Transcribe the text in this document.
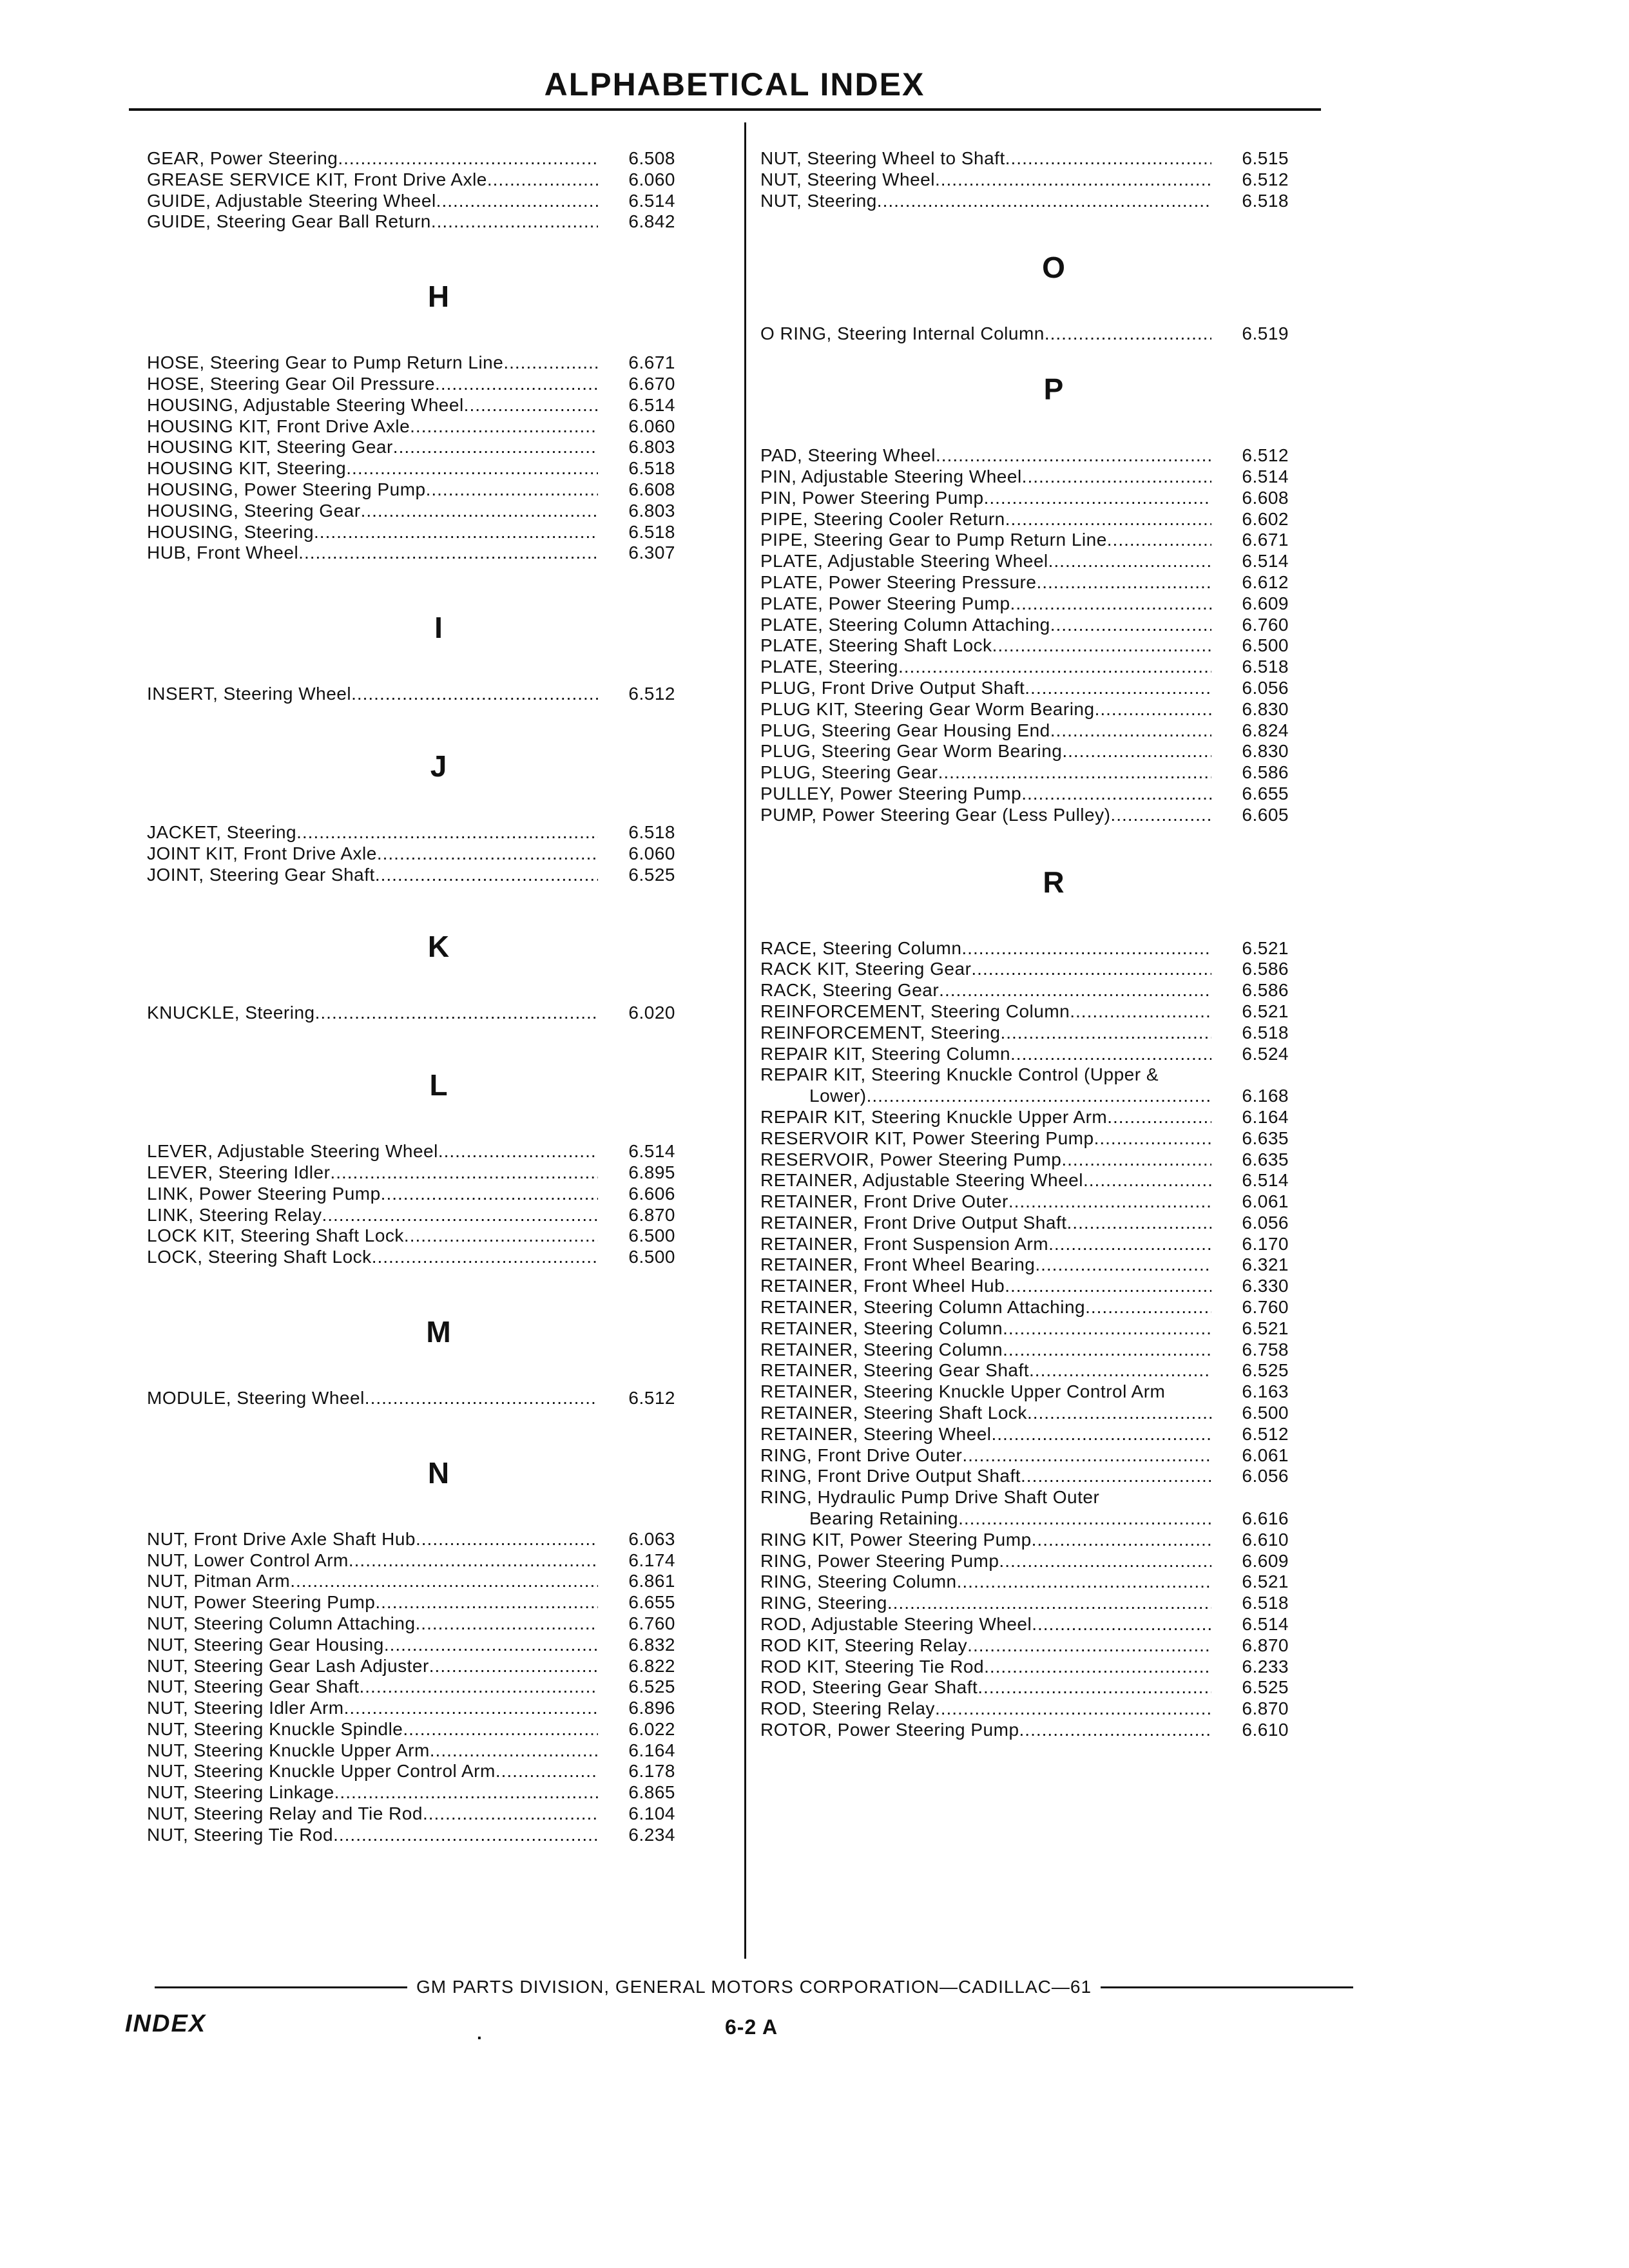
ALPHABETICAL INDEX
GEAR, Power Steering .....	6.508
GREASE SERVICE KIT, Front Drive Axle .....	6.060
GUIDE, Adjustable Steering Wheel .....	6.514
GUIDE, Steering Gear Ball Return .....	6.842
H
HOSE, Steering Gear to Pump Return Line .....	6.671
HOSE, Steering Gear Oil Pressure .....	6.670
HOUSING, Adjustable Steering Wheel .....	6.514
HOUSING KIT, Front Drive Axle .....	6.060
HOUSING KIT, Steering Gear .....	6.803
HOUSING KIT, Steering .....	6.518
HOUSING, Power Steering Pump .....	6.608
HOUSING, Steering Gear .....	6.803
HOUSING, Steering .....	6.518
HUB, Front Wheel .....	6.307
I
INSERT, Steering Wheel .....	6.512
J
JACKET, Steering .....	6.518
JOINT KIT, Front Drive Axle .....	6.060
JOINT, Steering Gear Shaft .....	6.525
K
KNUCKLE, Steering .....	6.020
L
LEVER, Adjustable Steering Wheel .....	6.514
LEVER, Steering Idler .....	6.895
LINK, Power Steering Pump .....	6.606
LINK, Steering Relay .....	6.870
LOCK KIT, Steering Shaft Lock .....	6.500
LOCK, Steering Shaft Lock .....	6.500
M
MODULE, Steering Wheel .....	6.512
N
NUT, Front Drive Axle Shaft Hub .....	6.063
NUT, Lower Control Arm .....	6.174
NUT, Pitman Arm .....	6.861
NUT, Power Steering Pump .....	6.655
NUT, Steering Column Attaching .....	6.760
NUT, Steering Gear Housing .....	6.832
NUT, Steering Gear Lash Adjuster .....	6.822
NUT, Steering Gear Shaft .....	6.525
NUT, Steering Idler Arm .....	6.896
NUT, Steering Knuckle Spindle .....	6.022
NUT, Steering Knuckle Upper Arm .....	6.164
NUT, Steering Knuckle Upper Control Arm .....	6.178
NUT, Steering Linkage .....	6.865
NUT, Steering Relay and Tie Rod .....	6.104
NUT, Steering Tie Rod .....	6.234
NUT, Steering Wheel to Shaft .....	6.515
NUT, Steering Wheel .....	6.512
NUT, Steering .....	6.518
O
O RING, Steering Internal Column .....	6.519
P
PAD, Steering Wheel .....	6.512
PIN, Adjustable Steering Wheel .....	6.514
PIN, Power Steering Pump .....	6.608
PIPE, Steering Cooler Return .....	6.602
PIPE, Steering Gear to Pump Return Line .....	6.671
PLATE, Adjustable Steering Wheel .....	6.514
PLATE, Power Steering Pressure .....	6.612
PLATE, Power Steering Pump .....	6.609
PLATE, Steering Column Attaching .....	6.760
PLATE, Steering Shaft Lock .....	6.500
PLATE, Steering .....	6.518
PLUG, Front Drive Output Shaft .....	6.056
PLUG KIT, Steering Gear Worm Bearing .....	6.830
PLUG, Steering Gear Housing End .....	6.824
PLUG, Steering Gear Worm Bearing .....	6.830
PLUG, Steering Gear .....	6.586
PULLEY, Power Steering Pump .....	6.655
PUMP, Power Steering Gear (Less Pulley) .....	6.605
R
RACE, Steering Column .....	6.521
RACK KIT, Steering Gear .....	6.586
RACK, Steering Gear .....	6.586
REINFORCEMENT, Steering Column .....	6.521
REINFORCEMENT, Steering .....	6.518
REPAIR KIT, Steering Column .....	6.524
REPAIR KIT, Steering Knuckle Control (Upper &
Lower) .....	6.168
REPAIR KIT, Steering Knuckle Upper Arm .....	6.164
RESERVOIR KIT, Power Steering Pump .....	6.635
RESERVOIR, Power Steering Pump .....	6.635
RETAINER, Adjustable Steering Wheel .....	6.514
RETAINER, Front Drive Outer .....	6.061
RETAINER, Front Drive Output Shaft .....	6.056
RETAINER, Front Suspension Arm .....	6.170
RETAINER, Front Wheel Bearing .....	6.321
RETAINER, Front Wheel Hub .....	6.330
RETAINER, Steering Column Attaching .....	6.760
RETAINER, Steering Column .....	6.521
RETAINER, Steering Column .....	6.758
RETAINER, Steering Gear Shaft .....	6.525
RETAINER, Steering Knuckle Upper Control Arm	6.163
RETAINER, Steering Shaft Lock .....	6.500
RETAINER, Steering Wheel .....	6.512
RING, Front Drive Outer .....	6.061
RING, Front Drive Output Shaft .....	6.056
RING, Hydraulic Pump Drive Shaft Outer
Bearing Retaining .....	6.616
RING KIT, Power Steering Pump .....	6.610
RING, Power Steering Pump .....	6.609
RING, Steering Column .....	6.521
RING, Steering .....	6.518
ROD, Adjustable Steering Wheel .....	6.514
ROD KIT, Steering Relay .....	6.870
ROD KIT, Steering Tie Rod .....	6.233
ROD, Steering Gear Shaft .....	6.525
ROD, Steering Relay .....	6.870
ROTOR, Power Steering Pump .....	6.610
GM PARTS DIVISION, GENERAL MOTORS CORPORATION—CADILLAC—61
INDEX	.	6-2 A
